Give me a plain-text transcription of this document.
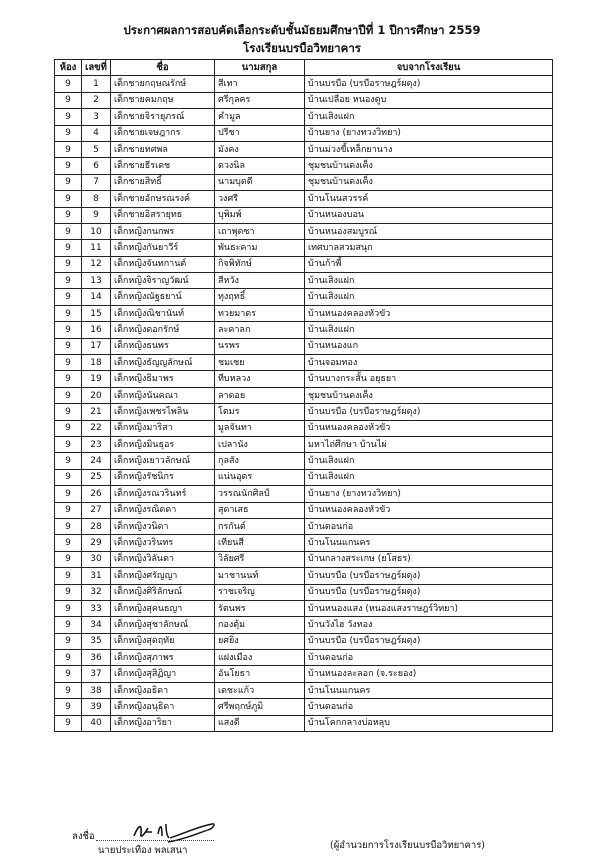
ประกาศผลการสอบคัดเลือกระดับชั้นมัธยมศึกษาปีที่ 1 ปีการศึกษา 2559
โรงเรียนบรบือวิทยาคาร
ห้อง	เลขที่	ชื่อ	นามสกุล	จบจากโรงเรียน
9	1	เด็กชายกฤษณรักษ์	สีเทา	บ้านบรบือ (บรบือราษฎร์ผดุง)
9	2	เด็กชายคมกฤษ	ศรีกุลคร	บ้านเปลือย หนองตูบ
9	3	เด็กชายจิรายุภรณ์	คำมูล	บ้านเสิงแฝก
9	4	เด็กชายเจษฎากร	ปรีชา	บ้านยาง (ยางทวงวิทยา)
9	5	เด็กชายทศพล	มังคง	บ้านม่วงขี้เหล็กยานาง
9	6	เด็กชายธีรเดช	ดวงนิล	ชุมชนบ้านดงเค็ง
9	7	เด็กชายสิทธิ์	นามบุดดี	ชุมชนบ้านดงเค็ง
9	8	เด็กชายอักษรณรงค์	วงศรี	บ้านโนนสวรรค์
9	9	เด็กชายอิสรายุทธ	บุพิมพ์	บ้านหนองบอน
9	10	เด็กหญิงกนกพร	เถาพุดซา	บ้านหนองสมบูรณ์
9	11	เด็กหญิงกันยาวีร์	พันธะคาม	เทศบาลสวมสนุก
9	12	เด็กหญิงจันทกานต์	กิจพิทักษ์	บ้านก้าพี้
9	13	เด็กหญิงจิราญวัฒน์	สีหวัง	บ้านเสิงแฝก
9	14	เด็กหญิงณัฐธยาน์	ทุงฤทธิ์	บ้านเสิงแฝก
9	15	เด็กหญิงณิชานันท์	ทวยมาตร	บ้านหนองคลองหัวขัว
9	16	เด็กหญิงดอกรักษ์	ละคาลก	บ้านเสิงแฝก
9	17	เด็กหญิงธนพร	นรพร	บ้านหนองแก
9	18	เด็กหญิงธัญญลักษณ์	ชมเชย	บ้านจอมทอง
9	19	เด็กหญิงธิมาพร	ทีบหลวง	บ้านบางกระสั้น อยุธยา
9	20	เด็กหญิงนันคณา	ลาดอย	ชุมชนบ้านดงเค็ง
9	21	เด็กหญิงเพชรไพลิน	โตมร	บ้านบรบือ (บรบือราษฎร์ผดุง)
9	22	เด็กหญิงมาริสา	มูลจันทา	บ้านหนองคลองหัวขัว
9	23	เด็กหญิงมินธุอร	เปลานัง	มหาไถ่ศึกษา บ้านไผ่
9	24	เด็กหญิงเยาวลักษณ์	กุลสัง	บ้านเสิงแฝก
9	25	เด็กหญิงรัชนิกร	แน่นอุดร	บ้านเสิงแฝก
9	26	เด็กหญิงรณวรินทร์	วรรณนักศิลป์	บ้านยาง (ยางทวงวิทยา)
9	27	เด็กหญิงรณิดดา	สุดาเสธ	บ้านหนองคลองหัวขัว
9	28	เด็กหญิงวนิดา	กรกันต์	บ้านดอนก่อ
9	29	เด็กหญิงวรินทร	เทียนสี	บ้านโนนแกนคร
9	30	เด็กหญิงวิลันดา	วิลัยศรี	บ้านกลางสระเกษ (ยโสธร)
9	31	เด็กหญิงศรัญญา	มาชานนท์	บ้านบรบือ (บรบือราษฎร์ผดุง)
9	32	เด็กหญิงศิริลักษณ์	ราชเจริญ	บ้านบรบือ (บรบือราษฎร์ผดุง)
9	33	เด็กหญิงสุคนธญา	รัตนพร	บ้านหนองแสง (หนองแสงราษฎร์วิทยา)
9	34	เด็กหญิงสุชาลักษณ์	กองตุ้ม	บ้านวังไฮ วังทอง
9	35	เด็กหญิงสุดฤทัย	ยศยิ่ง	บ้านบรบือ (บรบือราษฎร์ผดุง)
9	36	เด็กหญิงสุภาพร	แฝงเมือง	บ้านดอนก่อ
9	37	เด็กหญิงสุสิฏิญา	อันโยธา	บ้านหนองละลอก (จ.ระยอง)
9	38	เด็กหญิงอธิดา	เดชะแก้ว	บ้านโนนแกนคร
9	39	เด็กหญิงอนุธิดา	ศรีพฤกษ์ภูมิ	บ้านดอนก่อ
9	40	เด็กหญิงอาริยา	แสงดี	บ้านโคกกลางบ่อหลุบ
ลงชื่อ
นายประเทือง พลเสนา	(ผู้อำนวยการโรงเรียนบรบือวิทยาคาร)
